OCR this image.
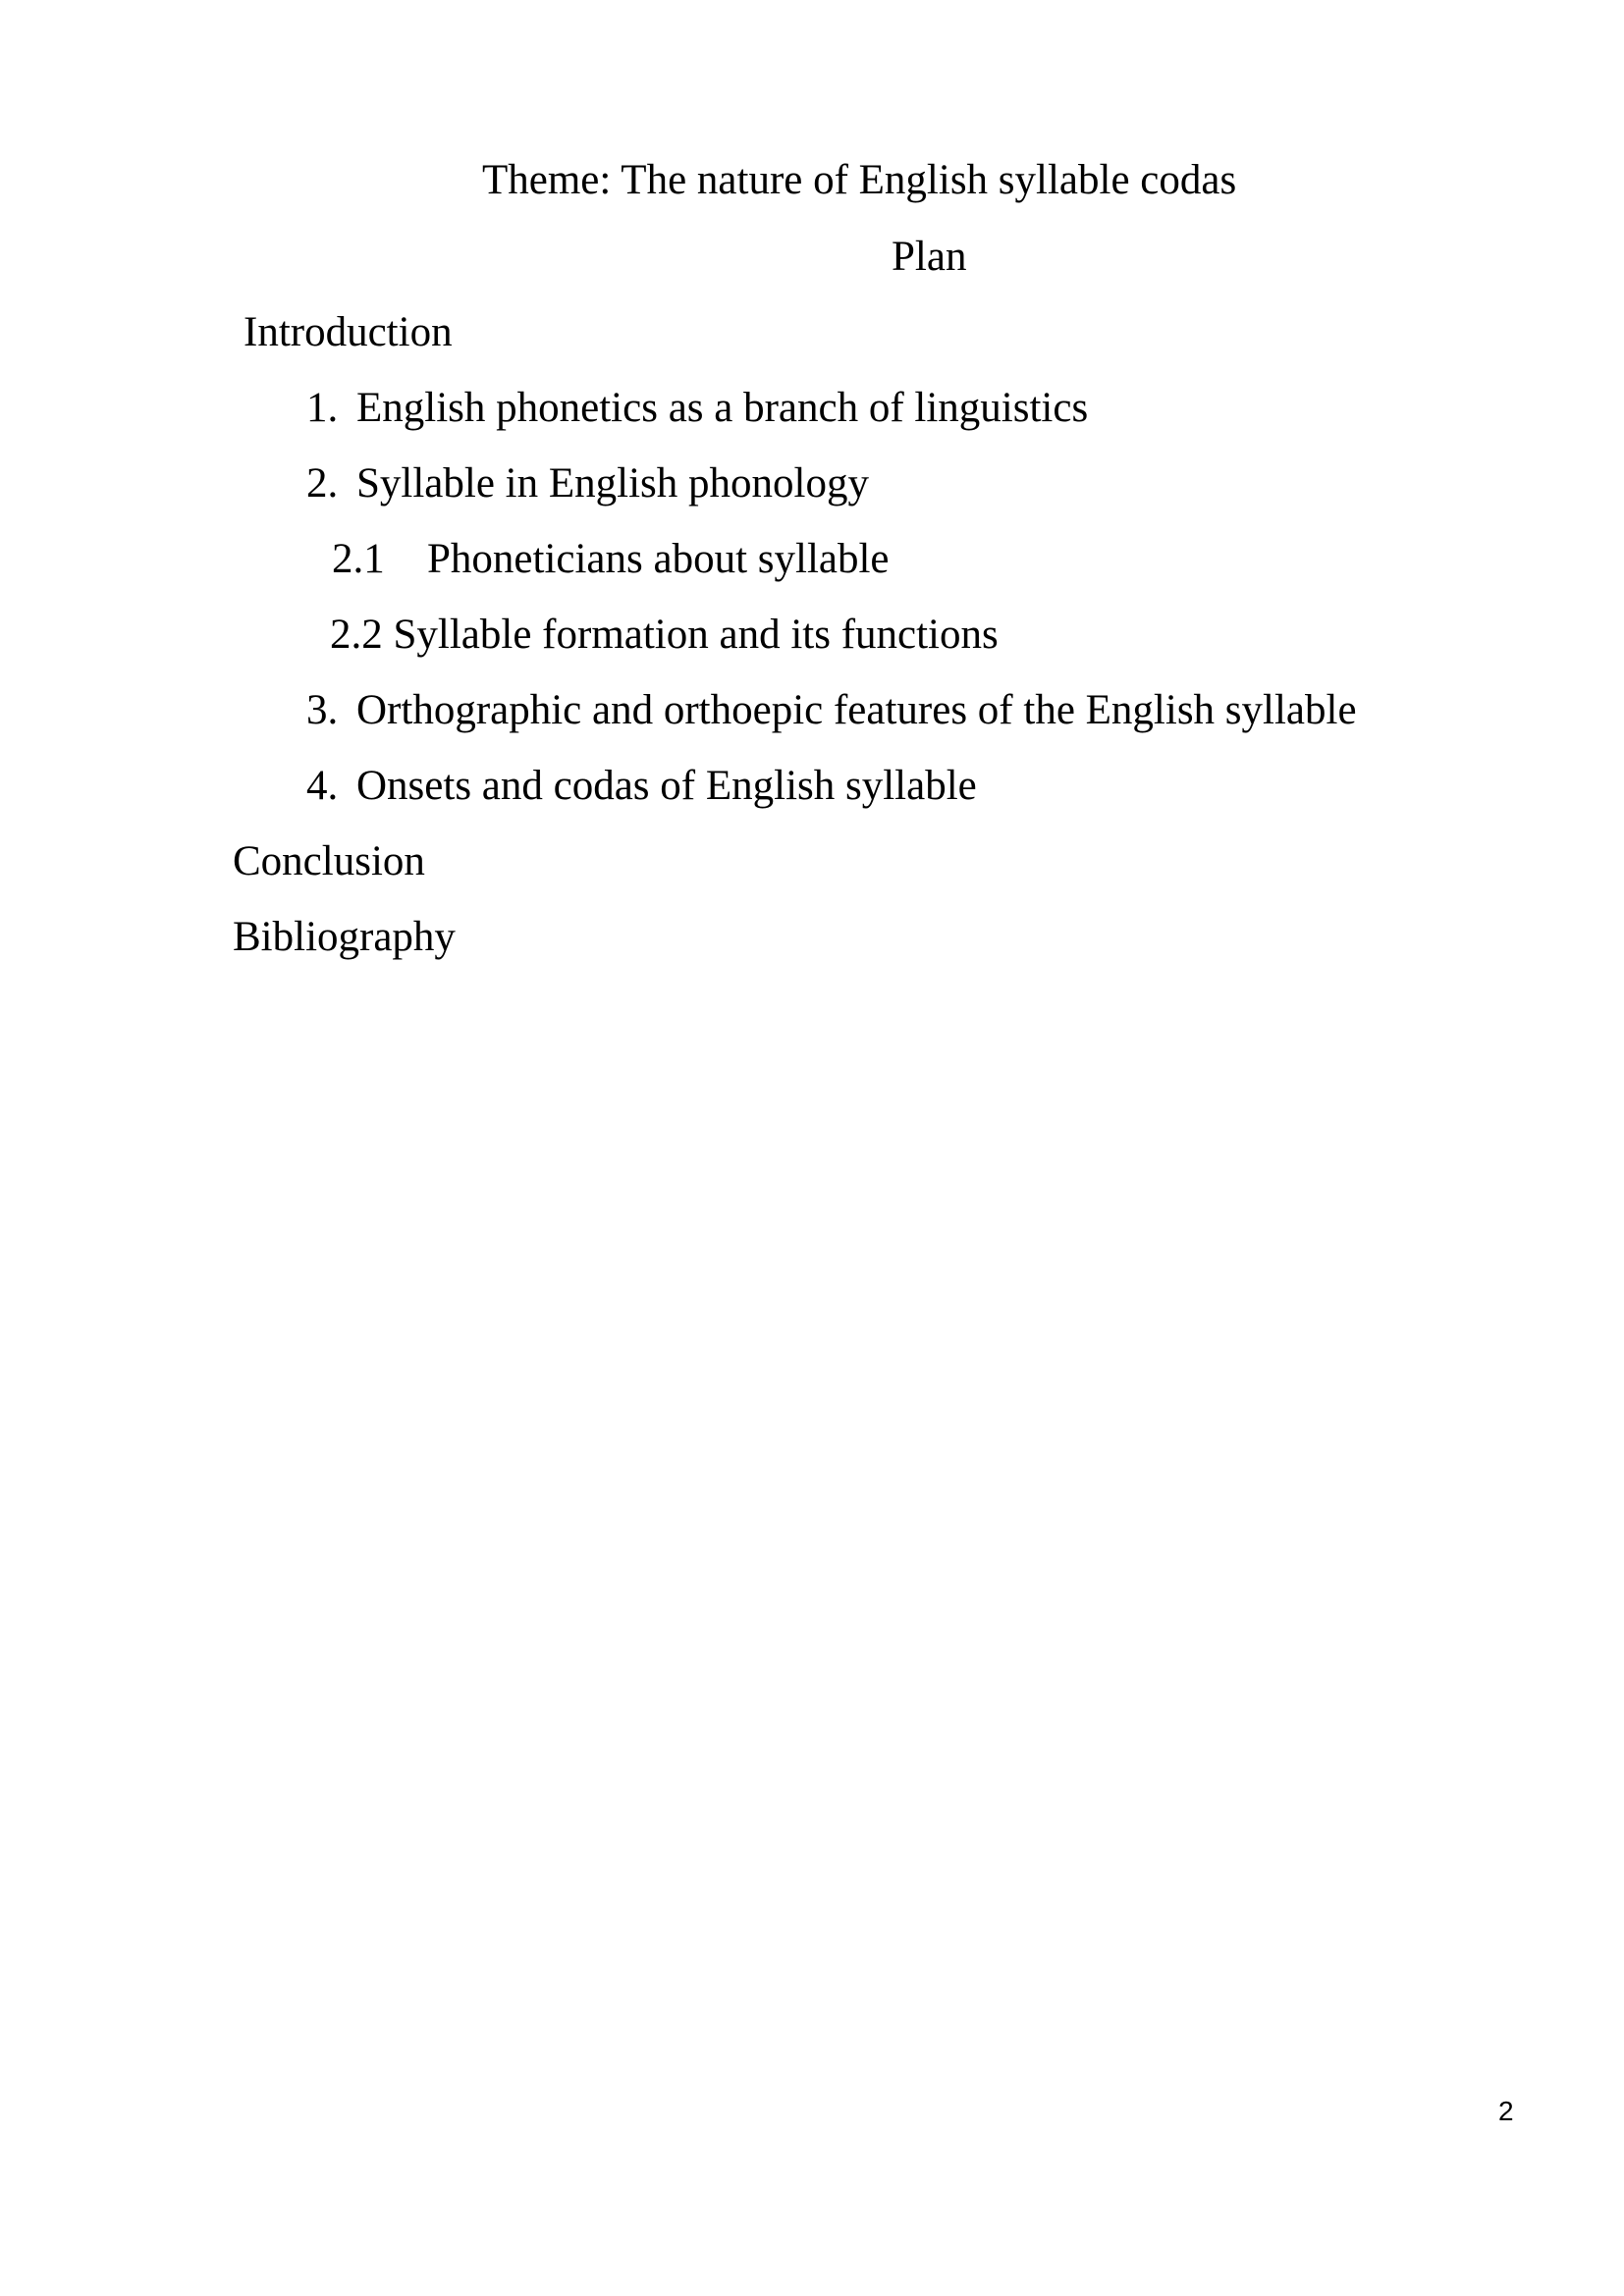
Theme: The nature of English syllable codas
Plan
Introduction
1. English phonetics as a branch of linguistics
2. Syllable in English phonology
2.1 Phoneticians about syllable
2.2 Syllable formation and its functions
3. Orthographic and orthoepic features of the English syllable
4. Onsets and codas of English syllable
Conclusion
Bibliography
2
